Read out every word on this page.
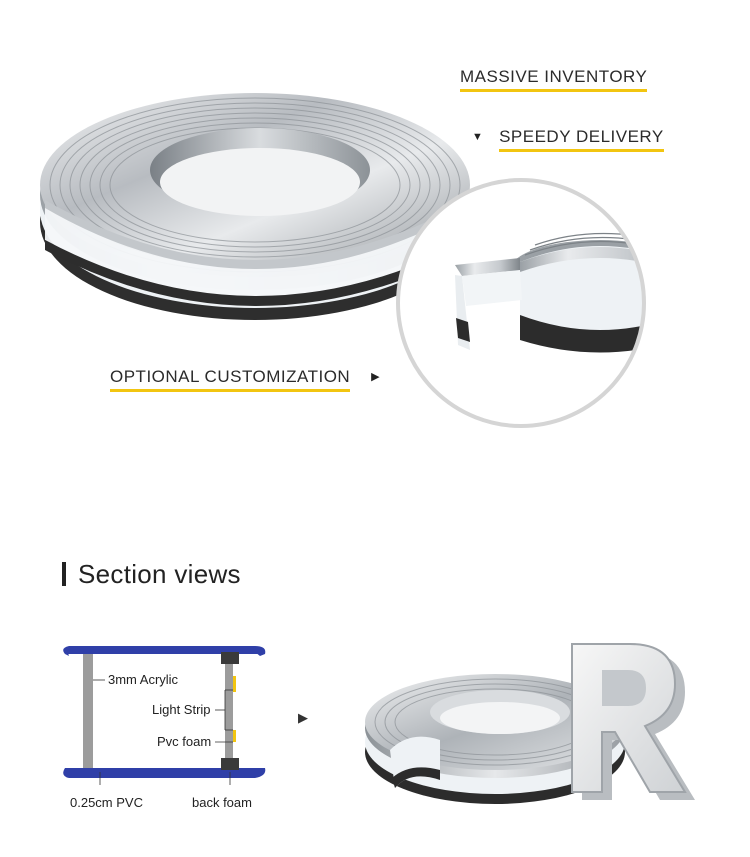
MASSIVE INVENTORY
▼ SPEEDY DELIVERY
OPTIONAL CUSTOMIZATION ▶
Section views
3mm Acrylic
Light Strip
Pvc foam
0.25cm PVC	back foam
▶
